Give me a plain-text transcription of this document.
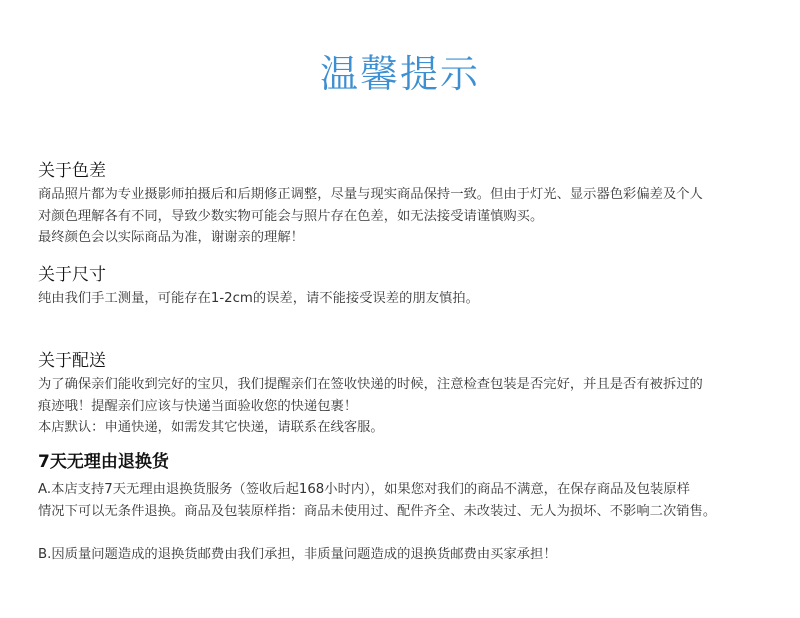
温馨提示
关于色差

商品照片都为专业摄影师拍摄后和后期修正调整，尽量与现实商品保持一致。但由于灯光、显示器色彩偏差及个人

对颜色理解各有不同，导致少数实物可能会与照片存在色差，如无法接受请谨慎购买。

最终颜色会以实际商品为准，谢谢亲的理解！

关于尺寸

纯由我们手工测量，可能存在1-2cm的误差，请不能接受误差的朋友慎拍。

关于配送

为了确保亲们能收到完好的宝贝，我们提醒亲们在签收快递的时候，注意检查包装是否完好，并且是否有被拆过的

痕迹哦！提醒亲们应该与快递当面验收您的快递包裹！

本店默认：申通快递，如需发其它快递，请联系在线客服。

7天无理由退换货

A.本店支持7天无理由退换货服务（签收后起168小时内），如果您对我们的商品不满意，在保存商品及包装原样

情况下可以无条件退换。商品及包装原样指：商品未使用过、配件齐全、未改装过、无人为损坏、不影响二次销售。

B.因质量问题造成的退换货邮费由我们承担，非质量问题造成的退换货邮费由买家承担！
